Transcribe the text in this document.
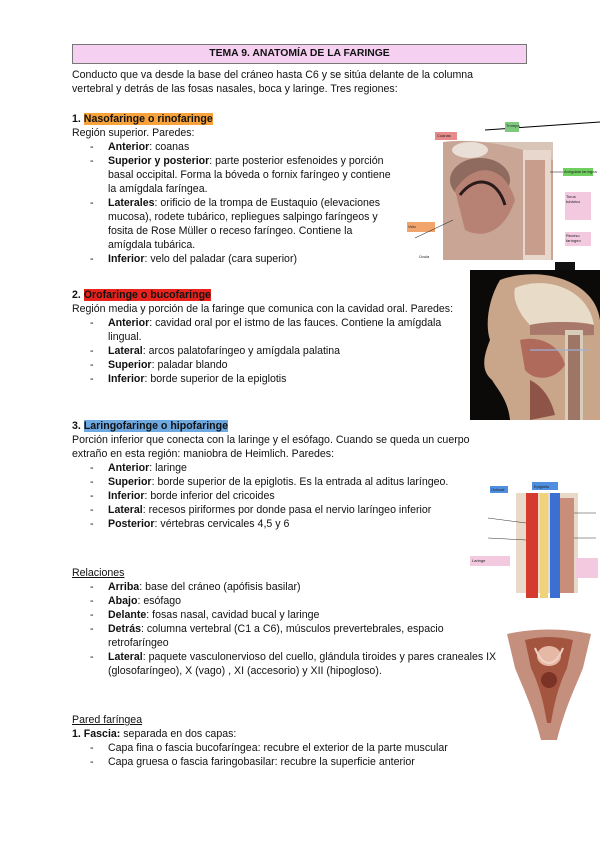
TEMA 9. ANATOMÍA DE LA FARINGE
Conducto que va desde la base del cráneo hasta C6 y se sitúa delante de la columna vertebral y detrás de las fosas nasales, boca y laringe. Tres regiones:
1. Nasofaringe o rinofaringe
Región superior. Paredes:
- Anterior: coanas
- Superior y posterior: parte posterior esfenoides y porción basal occipital. Forma la bóveda o fornix faríngeo y contiene la amígdala faríngea.
- Laterales: orificio de la trompa de Eustaquio (elevaciones mucosa), rodete tubárico, repliegues salpingo faríngeos y fosita de Rose Müller o receso faríngeo. Contiene la amígdala tubárica.
- Inferior: velo del paladar (cara superior)
2. Orofaringe o bucofaringe
Región media y porción de la faringe que comunica con la cavidad oral. Paredes:
- Anterior: cavidad oral por el istmo de las fauces. Contiene la amígdala lingual.
- Lateral: arcos palatofaríngeo y amígdala palatina
- Superior: paladar blando
- Inferior: borde superior de la epiglotis
3. Laringofaringe o hipofaringe
Porción inferior que conecta con la laringe y el esófago. Cuando se queda un cuerpo extraño en esta región: maniobra de Heimlich. Paredes:
- Anterior: laringe
- Superior: borde superior de la epiglotis. Es la entrada al aditus laríngeo.
- Inferior: borde inferior del cricoides
- Lateral: recesos piriformes por donde pasa el nervio laríngeo inferior
- Posterior: vértebras cervicales 4,5 y 6
Relaciones
- Arriba: base del cráneo (apófisis basilar)
- Abajo: esófago
- Delante: fosas nasal, cavidad bucal y laringe
- Detrás: columna vertebral (C1 a C6), músculos prevertebrales, espacio retrofaríngeo
- Lateral: paquete vasculonervioso del cuello, glándula tiroides y pares craneales IX (glosofaríngeo), X (vago) , XI (accesorio) y XII (hipogloso).
Pared faríngea
1. Fascia: separada en dos capas:
- Capa fina o fascia bucofaríngea: recubre el exterior de la parte muscular
- Capa gruesa o fascia faringobasilar: recubre la superficie anterior
Coanas
Trompa
Amígdala faríngea
Torus tubárico
Receso faríngeo
Velo
Úvula
Oclusal
Epiglotis
Laringe
